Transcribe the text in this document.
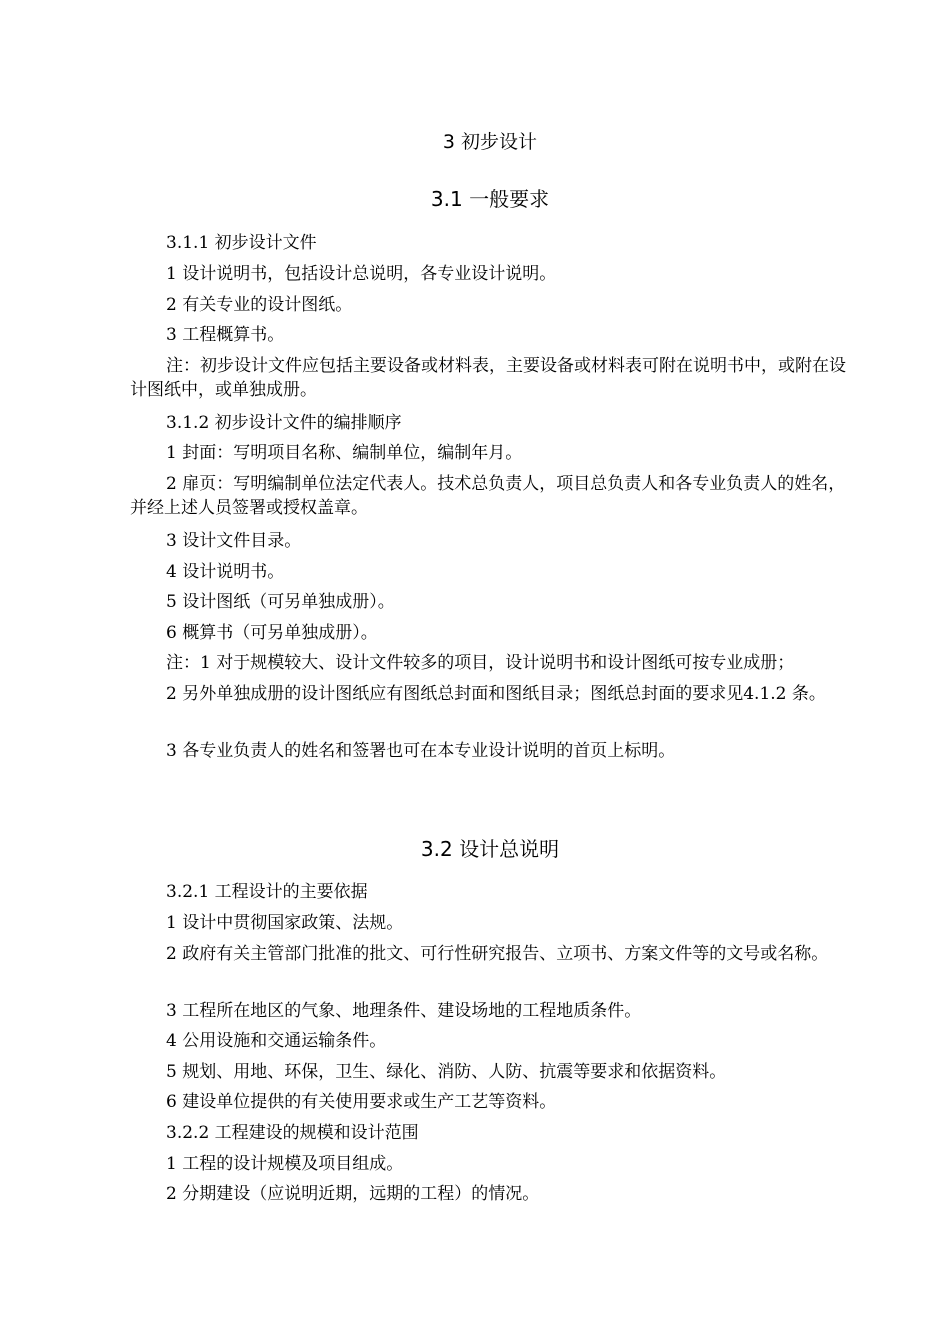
3 初步设计
3.1 一般要求

3.1.1 初步设计文件

1 设计说明书，包括设计总说明，各专业设计说明。

2 有关专业的设计图纸。

3 工程概算书。

注：初步设计文件应包括主要设备或材料表，主要设备或材料表可附在说明书中，或附在设计图纸中，或单独成册。

3.1.2 初步设计文件的编排顺序

1 封面：写明项目名称、编制单位，编制年月。

2 扉页：写明编制单位法定代表人。技术总负责人，项目总负责人和各专业负责人的姓名，并经上述人员签署或授权盖章。

3 设计文件目录。

4 设计说明书。

5 设计图纸（可另单独成册）。

6 概算书（可另单独成册）。

注：1 对于规模较大、设计文件较多的项目，设计说明书和设计图纸可按专业成册；

2 另外单独成册的设计图纸应有图纸总封面和图纸目录；图纸总封面的要求见4.1.2 条。

3 各专业负责人的姓名和签署也可在本专业设计说明的首页上标明。

3.2 设计总说明

3.2.1 工程设计的主要依据

1 设计中贯彻国家政策、法规。

2 政府有关主管部门批准的批文、可行性研究报告、立项书、方案文件等的文号或名称。

3 工程所在地区的气象、地理条件、建设场地的工程地质条件。

4 公用设施和交通运输条件。

5 规划、用地、环保，卫生、绿化、消防、人防、抗震等要求和依据资料。

6 建设单位提供的有关使用要求或生产工艺等资料。

3.2.2 工程建设的规模和设计范围

1 工程的设计规模及项目组成。

2 分期建设（应说明近期，远期的工程）的情况。
